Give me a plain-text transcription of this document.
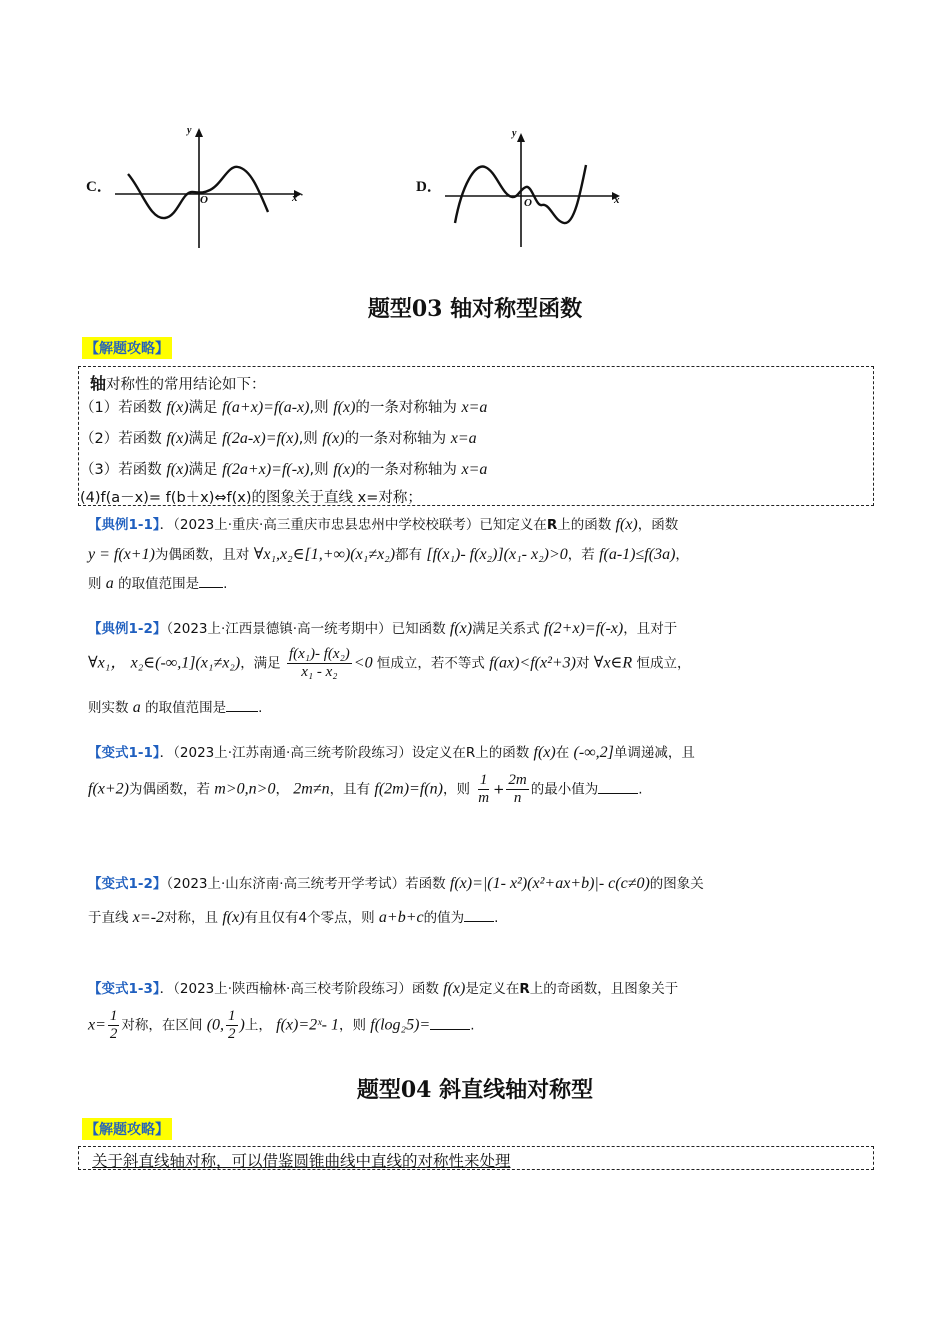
C．
y
x
O
．	D．
y
x
O
题型03 轴对称型函数
【解题攻略】
轴对称性的常用结论如下：
（1）若函数 f(x)满足 f(a+x)=f(a-x),则 f(x)的一条对称轴为 x=a
（2）若函数 f(x)满足 f(2a-x)=f(x),则 f(x)的一条对称轴为 x=a
（3）若函数 f(x)满足 f(2a+x)=f(-x),则 f(x)的一条对称轴为 x=a
(4)f(a－x)= f(b＋x)⇔f(x)的图象关于直线 x=对称；
【典例1-1】．（2023上·重庆·高三重庆市忠县忠州中学校校联考）已知定义在R上的函数 f(x)，函数
y = f(x+1)为偶函数，且对 ∀x₁,x₂∈[1,+∞)(x₁≠x₂)都有 [f(x₁)- f(x₂)](x₁- x₂)>0，若 f(a-1)≤f(3a)，
则 a 的取值范围是 .
【典例1-2】（2023上·江西景德镇·高一统考期中）已知函数 f(x)满足关系式 f(2+x)=f(-x)，且对于
∀x₁， x₂∈(-∞,1](x₁≠x₂)，满足 $\frac{\text{f(x₁)- f(x₂)}}{\text{x₁ - x₂}} <0$ 恒成立，若不等式 f(ax)<f(x²+3)对 ∀x∈R 恒成立，
则实数 a 的取值范围是 .
【变式1-1】．（2023上·江苏南通·高三统考阶段练习）设定义在R上的函数 f(x)在 (-∞,2]单调递减，且
f(x+2)为偶函数，若 m>0,n>0， 2m≠n，且有 f(2m)=f(n)，则 $\frac{1}{m} + \frac{2m}{n}$ 的最小值为	.
【变式1-2】（2023上·山东济南·高三统考开学考试）若函数 f(x)=|(1- x²)(x²+ax+b)|- c(c≠0)的图象关
于直线 x=-2对称，且 f(x)有且仅有4个零点，则 a+b+c的值为 .
【变式1-3】．（2023上·陕西榆林·高三校考阶段练习）函数 f(x)是定义在R上的奇函数，且图象关于
$x= \frac{1}{2}$ 对称，在区间 (0, $\frac{1}{2}$ )上， f(x)=2ˣ- 1，则 f(log₂5)=	.
题型04 斜直线轴对称型
【解题攻略】
关于斜直线轴对称，可以借鉴圆锥曲线中直线的对称性来处理
